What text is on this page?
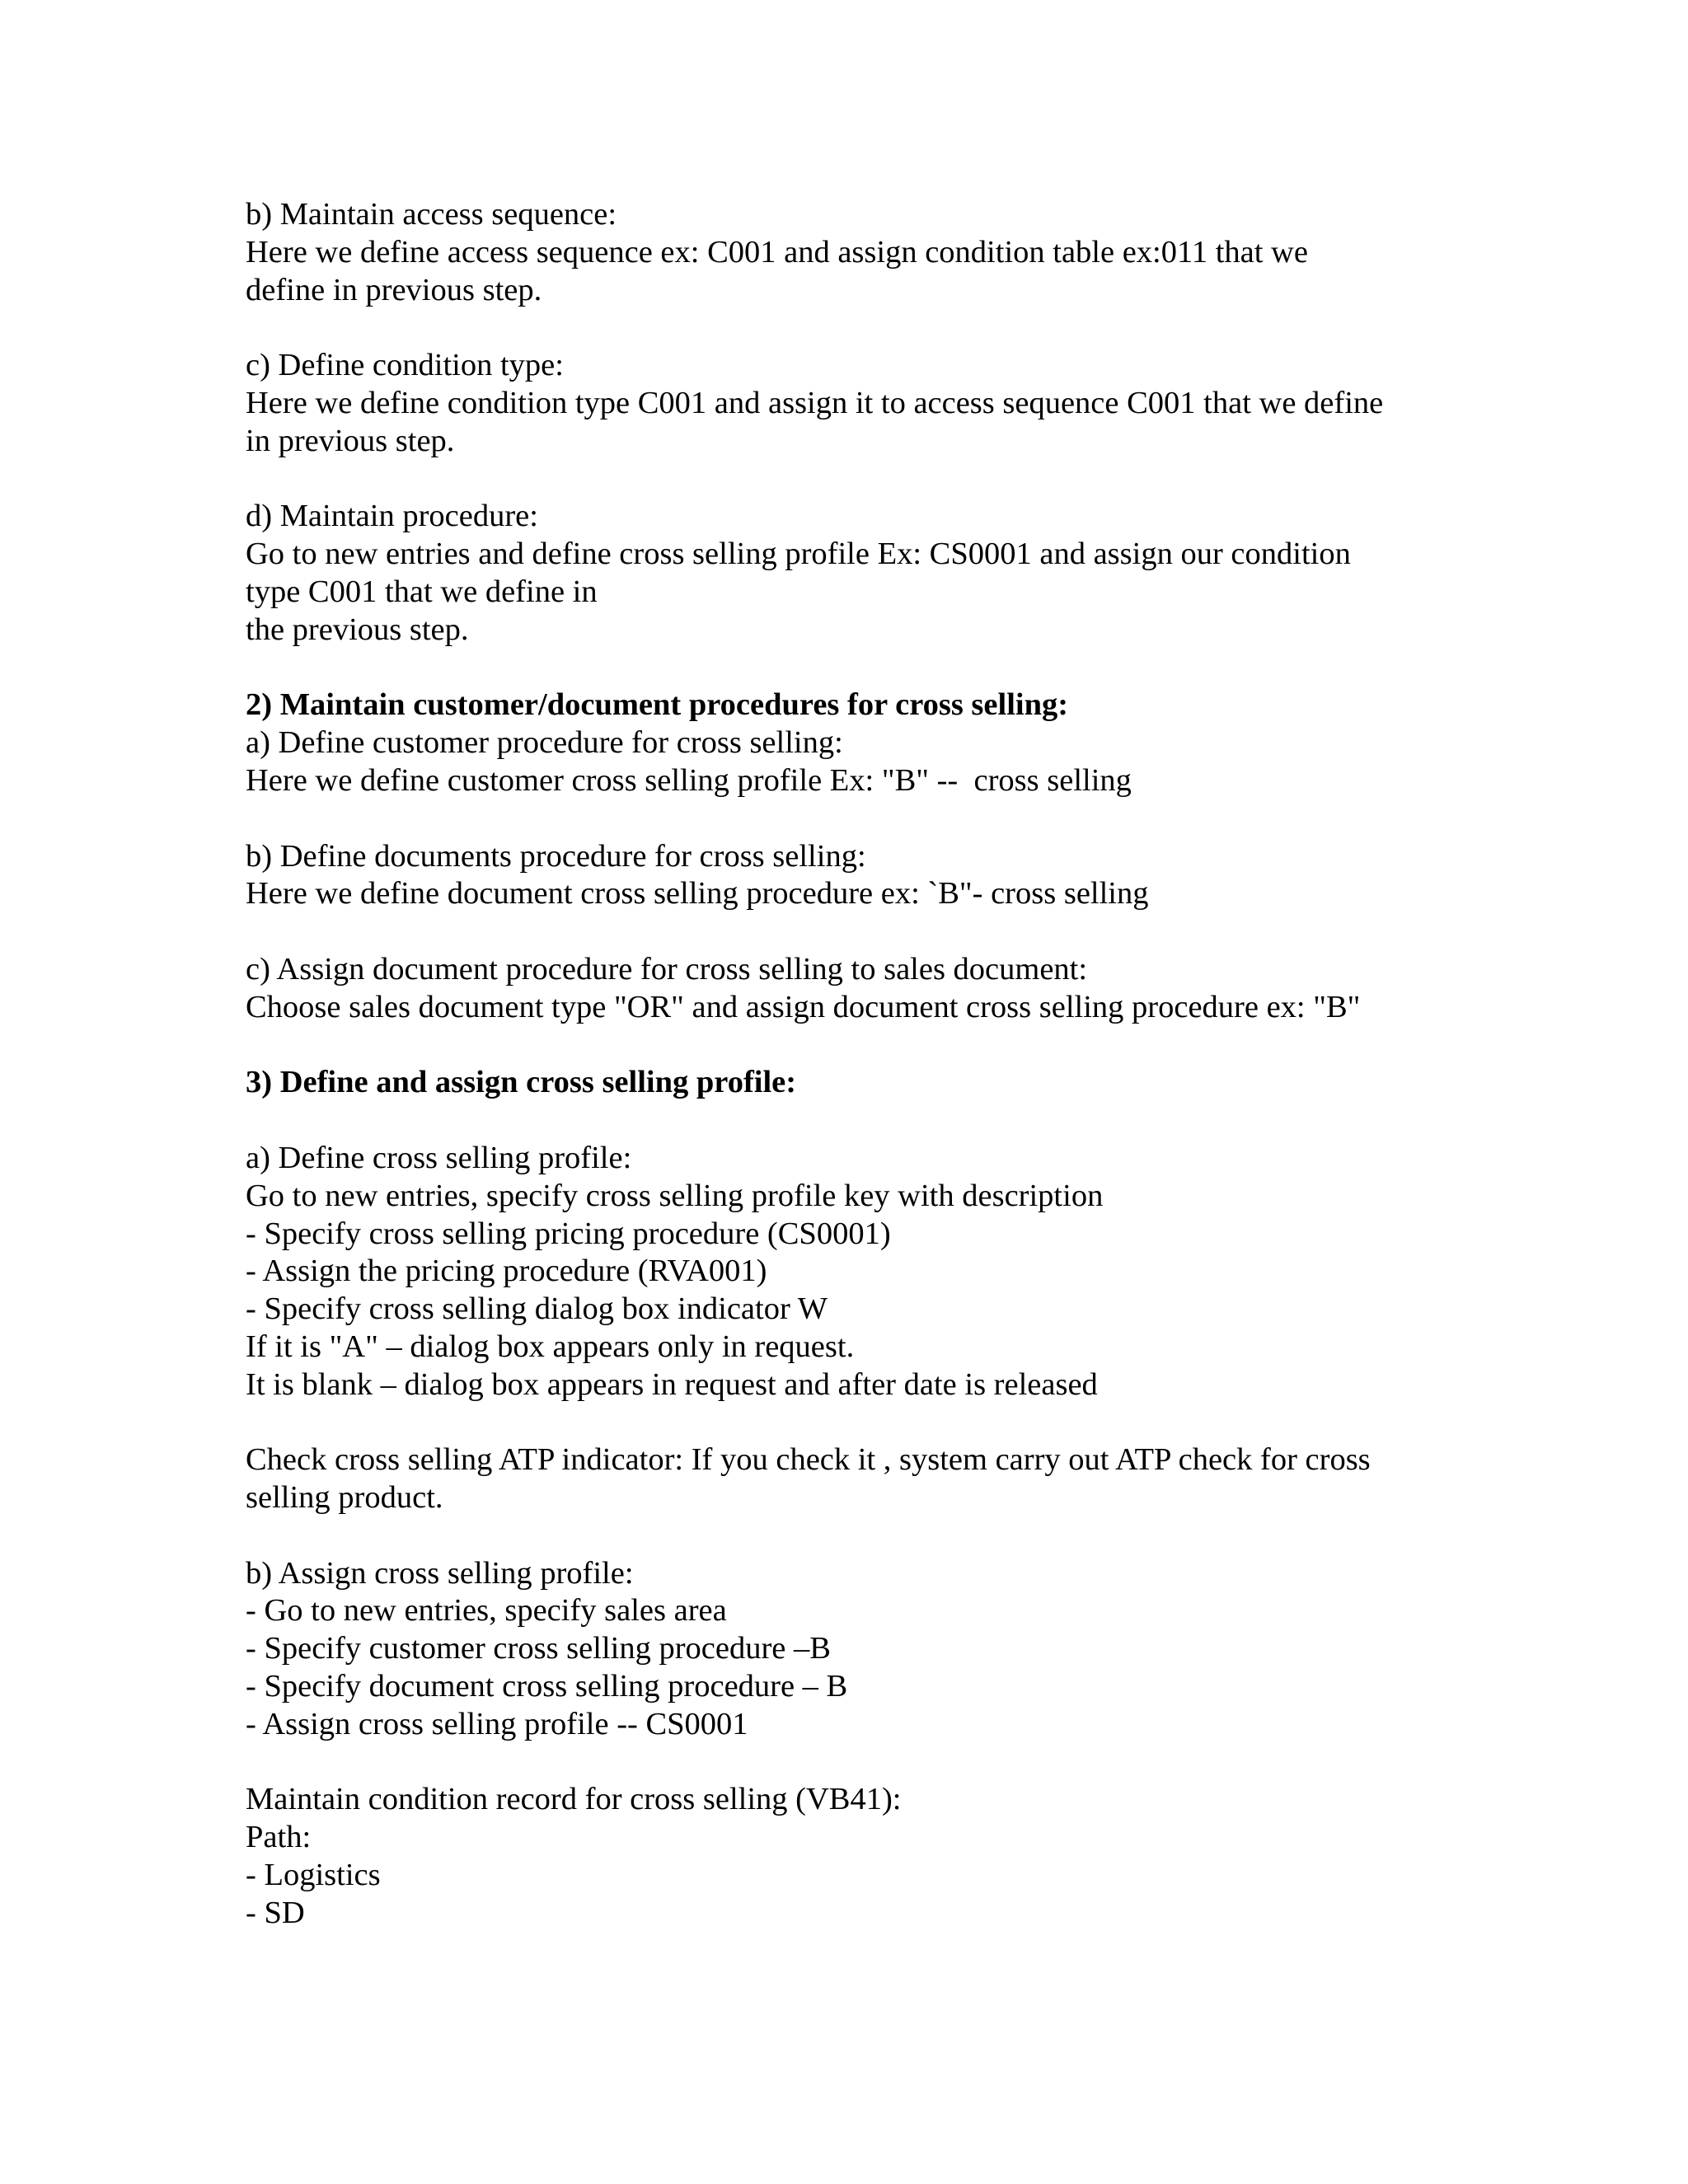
b) Maintain access sequence:
Here we define access sequence ex: C001 and assign condition table ex:011 that we
define in previous step.
c) Define condition type:
Here we define condition type C001 and assign it to access sequence C001 that we define
in previous step.
d) Maintain procedure:
Go to new entries and define cross selling profile Ex: CS0001 and assign our condition
type C001 that we define in
the previous step.
2) Maintain customer/document procedures for cross selling:
a) Define customer procedure for cross selling:
Here we define customer cross selling profile Ex: "B" --  cross selling
b) Define documents procedure for cross selling:
Here we define document cross selling procedure ex: `B"- cross selling
c) Assign document procedure for cross selling to sales document:
Choose sales document type "OR" and assign document cross selling procedure ex: "B"
3) Define and assign cross selling profile:
a) Define cross selling profile:
Go to new entries, specify cross selling profile key with description
- Specify cross selling pricing procedure (CS0001)
- Assign the pricing procedure (RVA001)
- Specify cross selling dialog box indicator W
If it is "A" – dialog box appears only in request.
It is blank – dialog box appears in request and after date is released
Check cross selling ATP indicator: If you check it , system carry out ATP check for cross
selling product.
b) Assign cross selling profile:
- Go to new entries, specify sales area
- Specify customer cross selling procedure –B
- Specify document cross selling procedure – B
- Assign cross selling profile -- CS0001
Maintain condition record for cross selling (VB41):
Path:
- Logistics
- SD
